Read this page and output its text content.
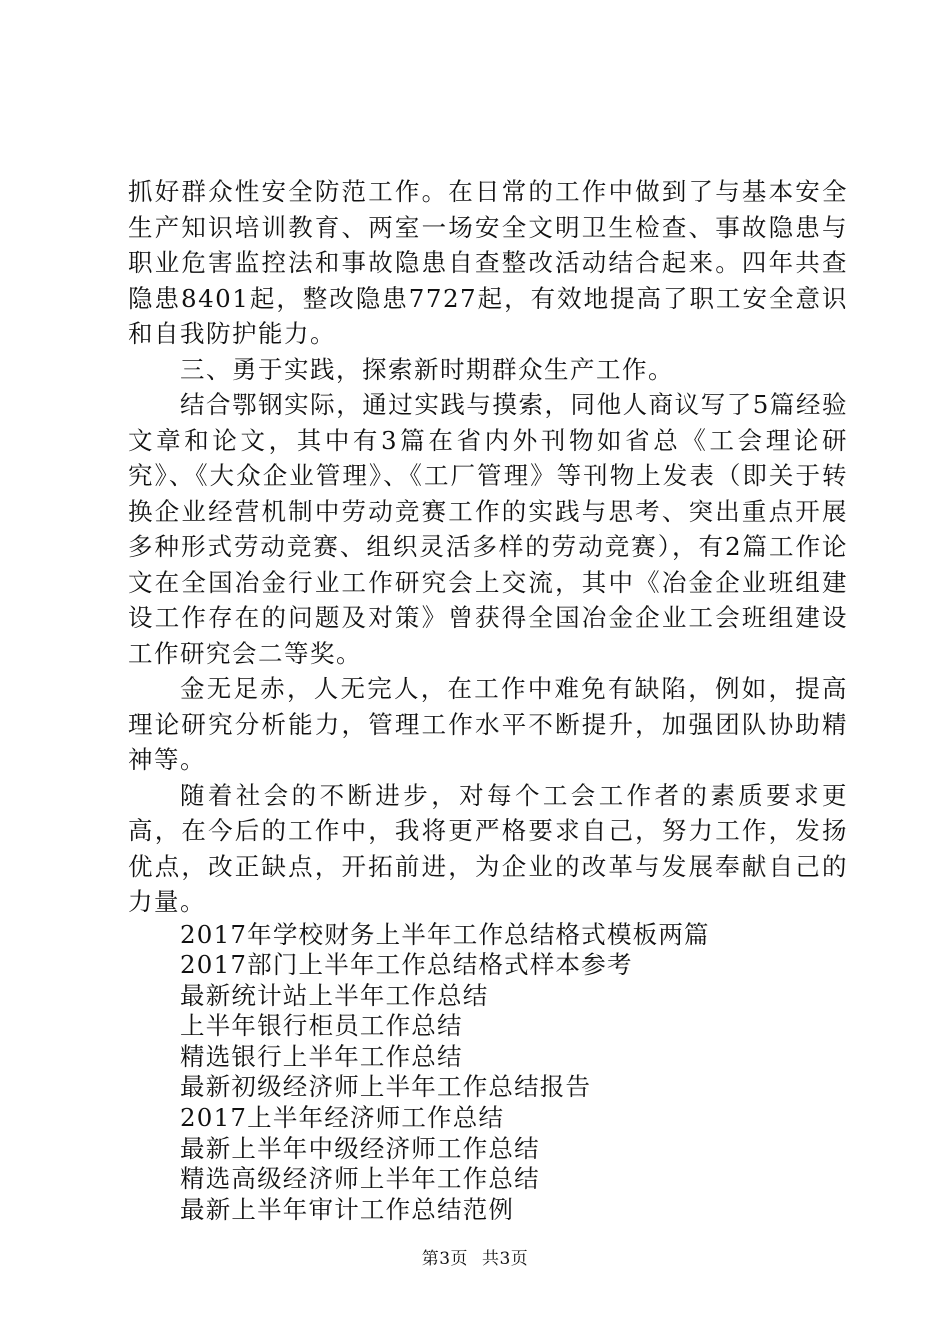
抓好群众性安全防范工作。在日常的工作中做到了与基本安全生产知识培训教育、两室一场安全文明卫生检查、事故隐患与职业危害监控法和事故隐患自查整改活动结合起来。四年共查隐患8401起，整改隐患7727起，有效地提高了职工安全意识和自我防护能力。

三、勇于实践，探索新时期群众生产工作。

结合鄂钢实际，通过实践与摸索，同他人商议写了5篇经验文章和论文，其中有3篇在省内外刊物如省总《工会理论研究》、《大众企业管理》、《工厂管理》等刊物上发表（即关于转换企业经营机制中劳动竞赛工作的实践与思考、突出重点开展多种形式劳动竞赛、组织灵活多样的劳动竞赛），有2篇工作论文在全国冶金行业工作研究会上交流，其中《冶金企业班组建设工作存在的问题及对策》曾获得全国冶金企业工会班组建设工作研究会二等奖。

金无足赤，人无完人，在工作中难免有缺陷，例如，提高理论研究分析能力，管理工作水平不断提升，加强团队协助精神等。

随着社会的不断进步，对每个工会工作者的素质要求更高，在今后的工作中，我将更严格要求自己，努力工作，发扬优点，改正缺点，开拓前进，为企业的改革与发展奉献自己的力量。

2017年学校财务上半年工作总结格式模板两篇
2017部门上半年工作总结格式样本参考
最新统计站上半年工作总结
上半年银行柜员工作总结
精选银行上半年工作总结
最新初级经济师上半年工作总结报告
2017上半年经济师工作总结
最新上半年中级经济师工作总结
精选高级经济师上半年工作总结
最新上半年审计工作总结范例
第3页 共3页
